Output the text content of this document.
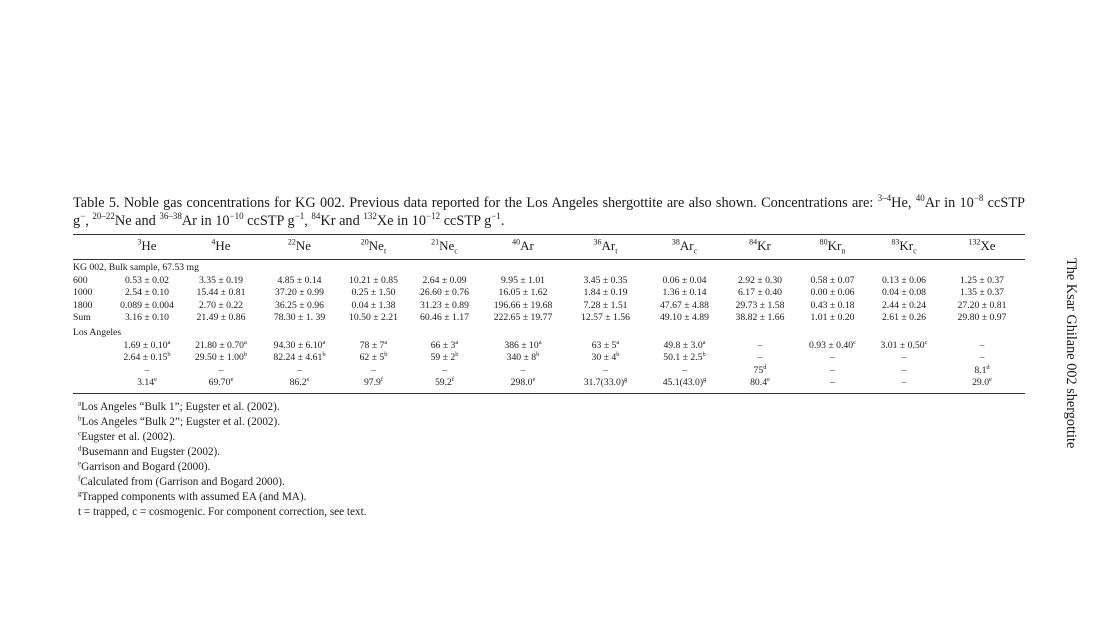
Table 5. Noble gas concentrations for KG 002. Previous data reported for the Los Angeles shergottite are also shown. Concentrations are: $^{3-4}$He, $^{40}$Ar in $10^{-8}$ ccSTP g−, $^{20-22}$Ne and $^{36-38}$Ar in $10^{-10}$ ccSTP $g^{-1}$, $^{84}$Kr and $^{132}$Xe in $10^{-12}$ ccSTP $g^{-1}$.
	$^3$He	$^4$He	$^{22}$Ne	$^{20}Ne_t$	$^{21}Ne_c$	$^{40}$Ar	$^{36}Ar_t$	$^{38}Ar_c$	$^{84}$Kr	$^{80}Kr_n$	$^{83}Kr_c$	$^{132}$Xe
KG 002, Bulk sample, 67.53 mg												
600	0.53 ± 0.02	3.35 ± 0.19	4.85 ± 0.14	10.21 ± 0.85	2.64 ± 0.09	9.95 ± 1.01	3.45 ± 0.35	0.06 ± 0.04	2.92 ± 0.30	0.58 ± 0.07	0.13 ± 0.06	1.25 ± 0.37
1000	2.54 ± 0.10	15.44 ± 0.81	37.20 ± 0.99	0.25 ± 1.50	26.60 ± 0.76	16.05 ± 1.62	1.84 ± 0.19	1.36 ± 0.14	6.17 ± 0.40	0.00 ± 0.06	0.04 ± 0.08	1.35 ± 0.37
1800	0.089 ± 0.004	2.70 ± 0.22	36.25 ± 0.96	0.04 ± 1.38	31.23 ± 0.89	196.66 ± 19.68	7.28 ± 1.51	47.67 ± 4.88	29.73 ± 1.58	0.43 ± 0.18	2.44 ± 0.24	27.20 ± 0.81
Sum	3.16 ± 0.10	21.49 ± 0.86	78.30 ± 1. 39	10.50 ± 2.21	60.46 ± 1.17	222.65 ± 19.77	12.57 ± 1.56	49.10 ± 4.89	38.82 ± 1.66	1.01 ± 0.20	2.61 ± 0.26	29.80 ± 0.97
Los Angeles												
	1.69 ± 0.10$^a$	21.80 ± 0.70$^a$	94.30 ± 6.10$^a$	$78 \pm 7^a$	$66 \pm 3^a$	$386 \pm 10^a$	$63 \pm 5^a$	49.8 ± 3.0$^a$	–	0.93 ± 0.40$^c$	3.01 ± 0.50$^c$	–
	2.64 ± 0.15$^b$	29.50 ± 1.00$^b$	82.24 ± 4.61$^b$	$62 \pm 5^b$	$59 \pm 2^b$	$340 \pm 8^b$	$30 \pm 4^b$	50.1 ± 2.5$^b$	–	–	–	–
	–	–	–	–	–	–	–	–	75$^d$	–	–	8.1$^d$
	3.14e	69.70e	86.2e	97.9$^f$	59.2$^f$	298.0e	$31.7(33.0)^g$	$45.1(43.0)^g$	80.4e	–	–	29.0e
$^a$Los Angeles “Bulk 1”; Eugster et al. (2002).
$^b$Los Angeles “Bulk 2”; Eugster et al. (2002).
$^c$Eugster et al. (2002).
$^d$Busemann and Eugster (2002).
$^e$Garrison and Bogard (2000).
$^f$Calculated from (Garrison and Bogard 2000).
$^g$Trapped components with assumed EA (and MA).
t = trapped, c = cosmogenic. For component correction, see text.
The Ksar Ghilane 002 shergottite
